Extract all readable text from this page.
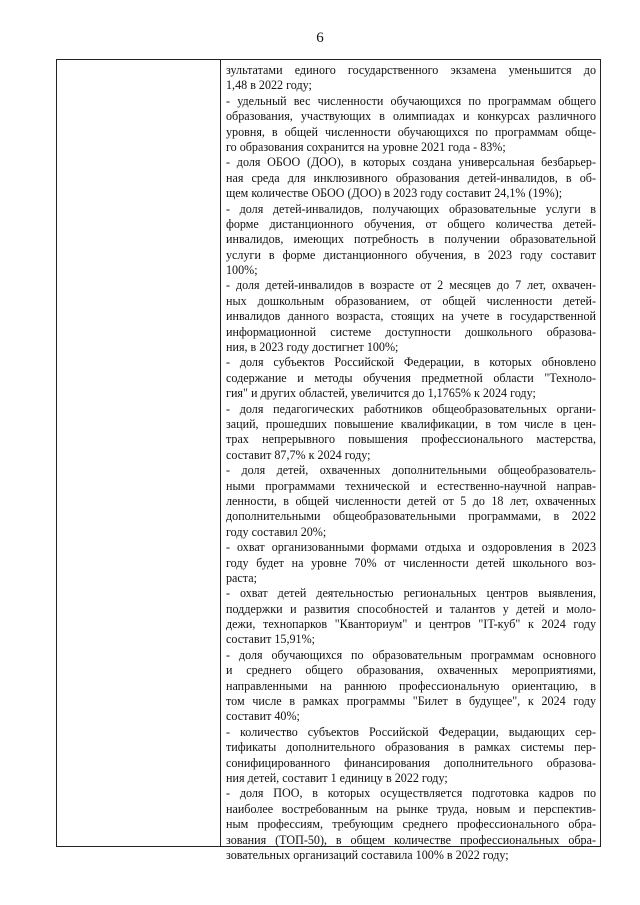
6
зультатами единого государственного экзамена уменьшится до
1,48 в 2022 году;
- удельный вес численности обучающихся по программам общего
образования, участвующих в олимпиадах и конкурсах различного
уровня, в общей численности обучающихся по программам обще-
го образования сохранится на уровне 2021 года - 83%;
- доля ОБОО (ДОО), в которых создана универсальная безбарьер-
ная среда для инклюзивного образования детей-инвалидов, в об-
щем количестве ОБОО (ДОО) в 2023 году составит 24,1% (19%);
- доля детей-инвалидов, получающих образовательные услуги в
форме дистанционного обучения, от общего количества детей-
инвалидов, имеющих потребность в получении образовательной
услуги в форме дистанционного обучения, в 2023 году составит
100%;
- доля детей-инвалидов в возрасте от 2 месяцев до 7 лет, охвачен-
ных дошкольным образованием, от общей численности детей-
инвалидов данного возраста, стоящих на учете в государственной
информационной системе доступности дошкольного образова-
ния, в 2023 году достигнет 100%;
- доля субъектов Российской Федерации, в которых обновлено
содержание и методы обучения предметной области "Техноло-
гия" и других областей, увеличится до 1,1765% к 2024 году;
- доля педагогических работников общеобразовательных органи-
заций, прошедших повышение квалификации, в том числе в цен-
трах непрерывного повышения профессионального мастерства,
составит 87,7% к 2024 году;
- доля детей, охваченных дополнительными общеобразователь-
ными программами технической и естественно-научной направ-
ленности, в общей численности детей от 5 до 18 лет, охваченных
дополнительными общеобразовательными программами, в 2022
году составил 20%;
- охват организованными формами отдыха и оздоровления в 2023
году будет на уровне 70% от численности детей школьного воз-
раста;
- охват детей деятельностью региональных центров выявления,
поддержки и развития способностей и талантов у детей и моло-
дежи, технопарков "Кванториум" и центров "IT-куб" к 2024 году
составит 15,91%;
- доля обучающихся по образовательным программам основного
и среднего общего образования, охваченных мероприятиями,
направленными на раннюю профессиональную ориентацию, в
том числе в рамках программы "Билет в будущее", к 2024 году
составит 40%;
- количество субъектов Российской Федерации, выдающих сер-
тификаты дополнительного образования в рамках системы пер-
сонифицированного финансирования дополнительного образова-
ния детей, составит 1 единицу в 2022 году;
- доля ПОО, в которых осуществляется подготовка кадров по
наиболее востребованным на рынке труда, новым и перспектив-
ным профессиям, требующим среднего профессионального обра-
зования (ТОП-50), в общем количестве профессиональных обра-
зовательных организаций составила 100% в 2022 году;
